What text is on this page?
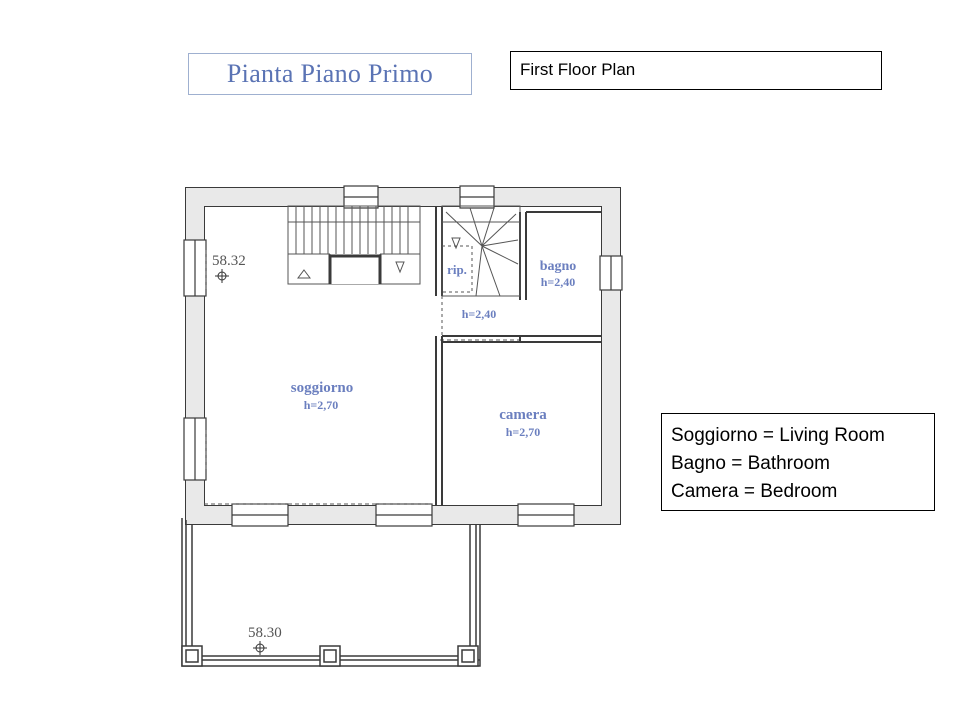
Pianta Piano Primo	First Floor Plan
Soggiorno = Living Room
Bagno = Bathroom
Camera = Bedroom
58.32
58.30
soggiorno
h=2,70
camera
h=2,70
bagno
h=2,40
rip.
h=2,40
